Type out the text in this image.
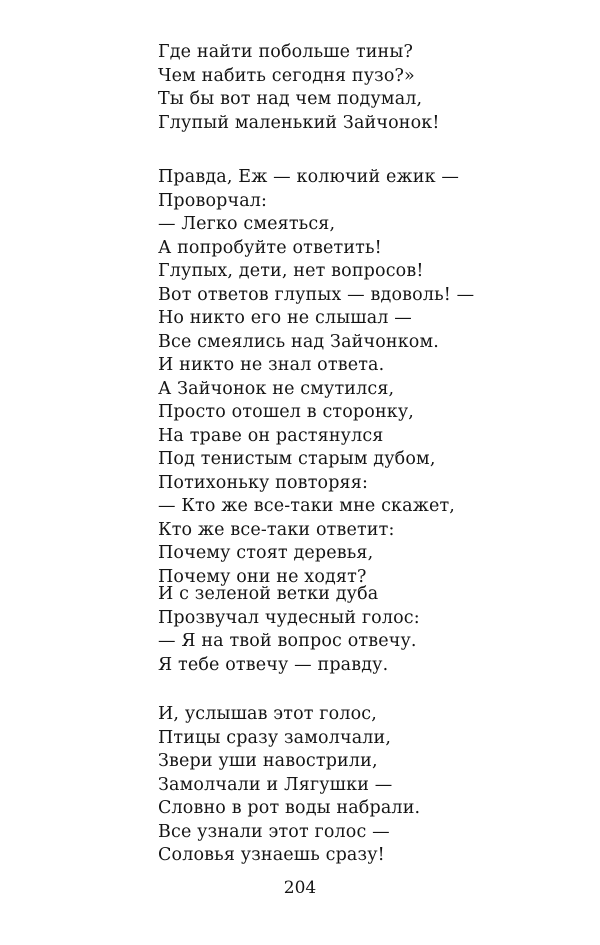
Где найти побольше тины?
Чем набить сегодня пузо?»
Ты бы вот над чем подумал,
Глупый маленький Зайчонок!
Правда, Еж — колючий ежик —
Проворчал:
— Легко смеяться,
А попробуйте ответить!
Глупых, дети, нет вопросов!
Вот ответов глупых — вдоволь! —
Но никто его не слышал —
Все смеялись над Зайчонком.
И никто не знал ответа.
А Зайчонок не смутился,
Просто отошел в сторонку,
На траве он растянулся
Под тенистым старым дубом,
Потихоньку повторяя:
— Кто же все-таки мне скажет,
Кто же все-таки ответит:
Почему стоят деревья,
Почему они не ходят?
И с зеленой ветки дуба
Прозвучал чудесный голос:
— Я на твой вопрос отвечу.
Я тебе отвечу — правду.
И, услышав этот голос,
Птицы сразу замолчали,
Звери уши навострили,
Замолчали и Лягушки —
Словно в рот воды набрали.
Все узнали этот голос —
Соловья узнаешь сразу!
204
